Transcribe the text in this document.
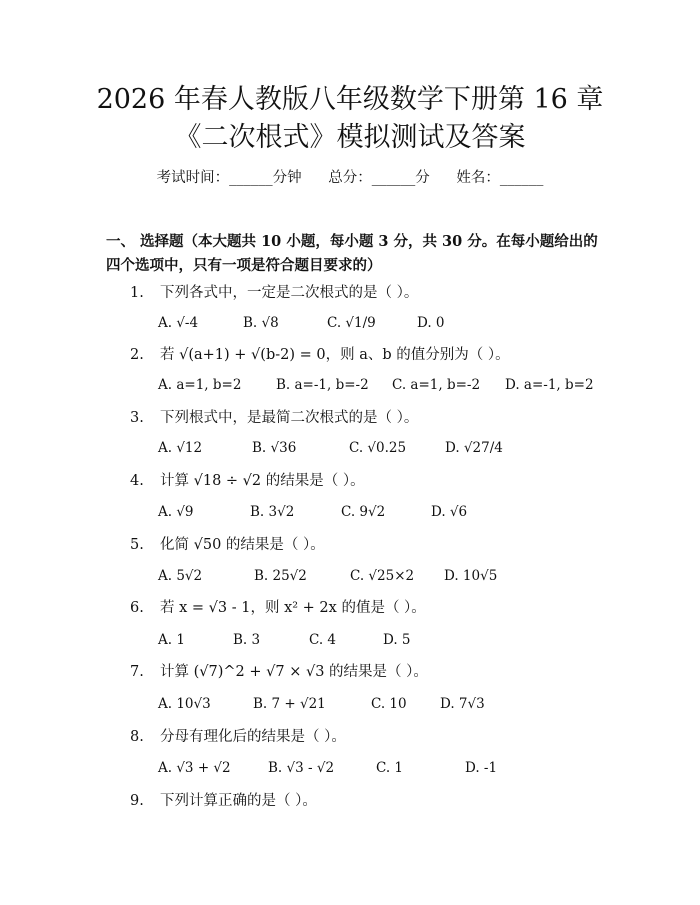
2026 年春人教版八年级数学下册第 16 章
《二次根式》模拟测试及答案
考试时间：______分钟 总分：______分 姓名：______
一、 选择题（本大题共 10 小题，每小题 3 分，共 30 分。在每小题给出的四个选项中，只有一项是符合题目要求的）
1. 下列各式中，一定是二次根式的是（ ）。
A. √-4	B. √8	C. √1/9	D. 0
2. 若 √(a+1) + √(b-2) = 0，则 a、b 的值分别为（ ）。
A. a=1, b=2	B. a=-1, b=-2 C. a=1, b=-2 D. a=-1, b=2
3. 下列根式中，是最简二次根式的是（ ）。
A. √12	B. √36	C. √0.25	D. √27/4
4. 计算 √18 ÷ √2 的结果是（ ）。
A. √9	B. 3√2	C. 9√2	D. √6
5. 化简 √50 的结果是（ ）。
A. 5√2	B. 25√2	C. √25×2 D. 10√5
6. 若 x = √3 - 1，则 x² + 2x 的值是（ ）。
A. 1	B. 3	C. 4	D. 5
7. 计算 (√7)^2 + √7 × √3 的结果是（ ）。
A. 10√3	B. 7 + √21	C. 10 D. 7√3
8. 分母有理化后的结果是（ ）。
A. √3 + √2	B. √3 - √2	C. 1	D. -1
9. 下列计算正确的是（ ）。
